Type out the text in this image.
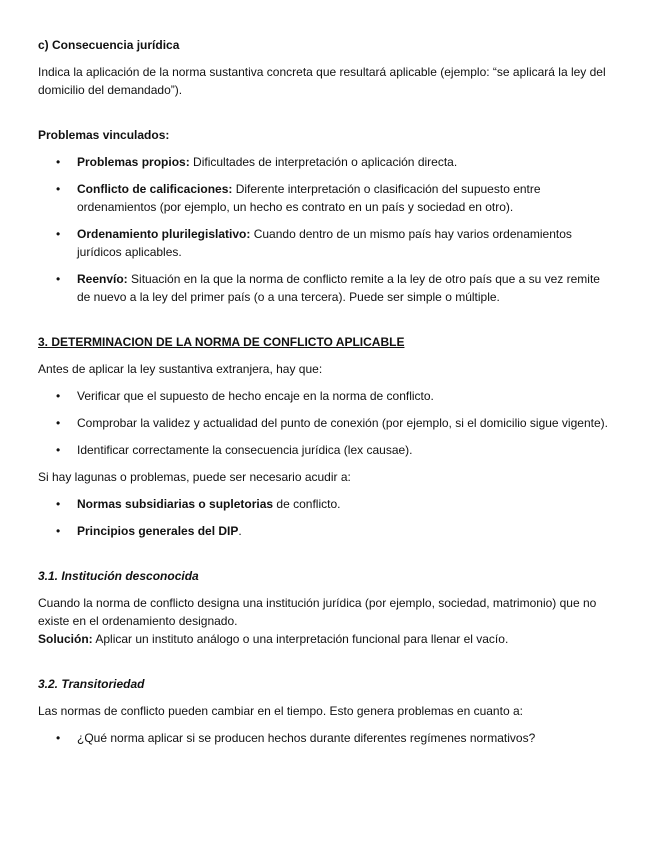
c) Consecuencia jurídica

Indica la aplicación de la norma sustantiva concreta que resultará aplicable (ejemplo: “se aplicará la ley del domicilio del demandado”).

Problemas vinculados:

• Problemas propios: Dificultades de interpretación o aplicación directa.
• Conflicto de calificaciones: Diferente interpretación o clasificación del supuesto entre ordenamientos (por ejemplo, un hecho es contrato en un país y sociedad en otro).
• Ordenamiento plurilegislativo: Cuando dentro de un mismo país hay varios ordenamientos jurídicos aplicables.
• Reenvío: Situación en la que la norma de conflicto remite a la ley de otro país que a su vez remite de nuevo a la ley del primer país (o a una tercera). Puede ser simple o múltiple.

3. DETERMINACION DE LA NORMA DE CONFLICTO APLICABLE

Antes de aplicar la ley sustantiva extranjera, hay que:

• Verificar que el supuesto de hecho encaje en la norma de conflicto.
• Comprobar la validez y actualidad del punto de conexión (por ejemplo, si el domicilio sigue vigente).
• Identificar correctamente la consecuencia jurídica (lex causae).

Si hay lagunas o problemas, puede ser necesario acudir a:

• Normas subsidiarias o supletorias de conflicto.
• Principios generales del DIP.

3.1. Institución desconocida

Cuando la norma de conflicto designa una institución jurídica (por ejemplo, sociedad, matrimonio) que no existe en el ordenamiento designado.

Solución: Aplicar un instituto análogo o una interpretación funcional para llenar el vacío.

3.2. Transitoriedad

Las normas de conflicto pueden cambiar en el tiempo. Esto genera problemas en cuanto a:

• ¿Qué norma aplicar si se producen hechos durante diferentes regímenes normativos?
